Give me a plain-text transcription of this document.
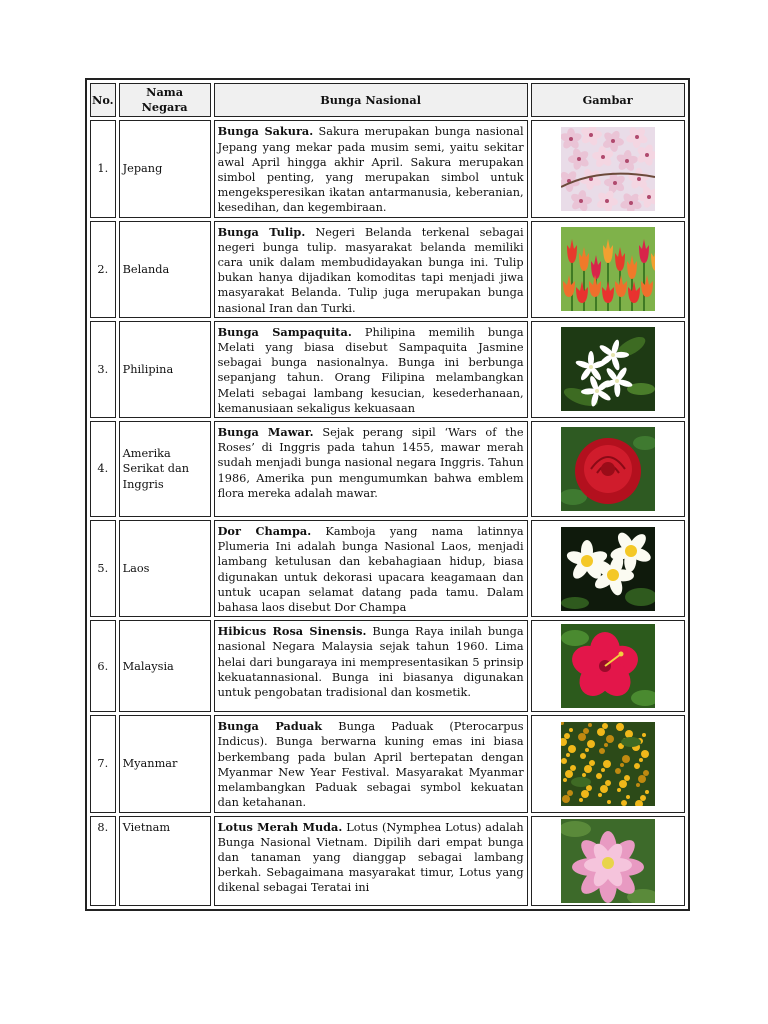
No.	Nama Negara	Bunga Nasional	Gambar
1.	Jepang	Bunga Sakura. Sakura merupakan bunga nasional Jepang yang mekar pada musim semi, yaitu sekitar awal April hingga akhir April. Sakura merupakan simbol penting, yang merupakan simbol untuk mengeksperesikan ikatan antarmanusia, keberanian, kesedihan, dan kegembiraan.	

2.	Belanda	Bunga Tulip. Negeri Belanda terkenal sebagai negeri bunga tulip. masyarakat belanda memiliki cara unik dalam membudidayakan bunga ini. Tulip bukan hanya dijadikan komoditas tapi menjadi jiwa masyarakat Belanda. Tulip juga merupakan bunga nasional Iran dan Turki.	

3.	Philipina	Bunga Sampaquita. Philipina memilih bunga Melati yang biasa disebut Sampaquita Jasmine sebagai bunga nasionalnya. Bunga ini berbunga sepanjang tahun. Orang Filipina melambangkan Melati sebagai lambang kesucian, kesederhanaan, kemanusiaan sekaligus kekuasaan	

4.	Amerika Serikat dan Inggris	Bunga Mawar. Sejak perang sipil ‘Wars of the Roses’ di Inggris pada tahun 1455, mawar merah sudah menjadi bunga nasional negara Inggris. Tahun 1986, Amerika pun mengumumkan bahwa emblem flora mereka adalah mawar.	

5.	Laos	Dor Champa. Kamboja yang nama latinnya Plumeria Ini adalah bunga Nasional Laos, menjadi lambang ketulusan dan kebahagiaan hidup, biasa digunakan untuk dekorasi upacara keagamaan dan untuk ucapan selamat datang pada tamu. Dalam bahasa laos disebut Dor Champa	

6.	Malaysia	Hibicus Rosa Sinensis. Bunga Raya inilah bunga nasional Negara Malaysia sejak tahun 1960. Lima helai dari bungaraya ini mempresentasikan 5 prinsip kekuatannasional. Bunga ini biasanya digunakan untuk pengobatan tradisional dan kosmetik.	

7.	Myanmar	Bunga Paduak Bunga Paduak (Pterocarpus Indicus). Bunga berwarna kuning emas ini biasa berkembang pada bulan April bertepatan dengan Myanmar New Year Festival. Masyarakat Myanmar melambangkan Paduak sebagai symbol kekuatan dan ketahanan.	

8.	Vietnam	Lotus Merah Muda. Lotus (Nymphea Lotus) adalah Bunga Nasional Vietnam. Dipilih dari empat bunga dan tanaman yang dianggap sebagai lambang berkah. Sebagaimana masyarakat timur, Lotus yang dikenal sebagai Teratai ini	
